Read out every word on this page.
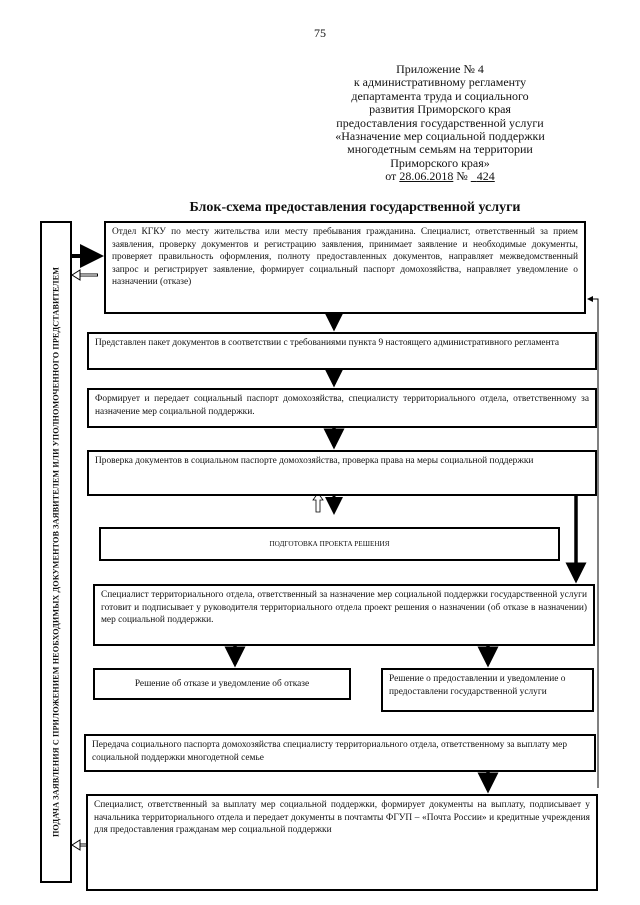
75
Приложение № 4
к административному регламенту
департамента труда и социального
развития Приморского края
предоставления государственной услуги
«Назначение мер социальной поддержки
многодетным семьям на территории
Приморского края»
от 28.06.2018 №   424
Блок-схема предоставления государственной услуги
ПОДАЧА ЗАЯВЛЕНИЯ С ПРИЛОЖЕНИЕМ НЕОБХОДИМЫХ ДОКУМЕНТОВ ЗАЯВИТЕЛЕМ ИЛИ УПОЛНОМОЧЕННОГО ПРЕДСТАВИТЕЛЕМ
Отдел КГКУ по месту жительства или месту пребывания гражданина. Специалист, ответственный за прием заявления, проверку документов и регистрацию заявления, принимает заявление и необходимые документы, проверяет правильность оформления, полноту предоставленных документов, направляет межведомственный запрос и регистрирует заявление, формирует социальный паспорт домохозяйства, направляет уведомление о назначении (отказе)
Представлен пакет документов в соответствии с требованиями пункта 9 настоящего административного регламента
Формирует и передает социальный паспорт домохозяйства, специалисту территориального отдела, ответственному за назначение мер социальной поддержки.
Проверка документов в социальном паспорте домохозяйства, проверка права на меры социальной поддержки
ПОДГОТОВКА ПРОЕКТА РЕШЕНИЯ
Специалист территориального отдела, ответственный за назначение мер социальной поддержки государственной услуги готовит и подписывает у руководителя территориального отдела проект решения о назначении (об отказе в назначении) мер социальной поддержки.
Решение об отказе и уведомление об отказе	Решение о предоставлении и уведомление о предоставлени государственной услуги
Передача социального паспорта домохозяйства специалисту территориального отдела, ответственному за выплату мер социальной поддержки многодетной семье
Специалист, ответственный за выплату мер социальной поддержки, формирует документы на выплату, подписывает у начальника территориального отдела и передает документы в почтамты ФГУП – «Почта России» и кредитные учреждения для предоставления гражданам мер социальной поддержки
